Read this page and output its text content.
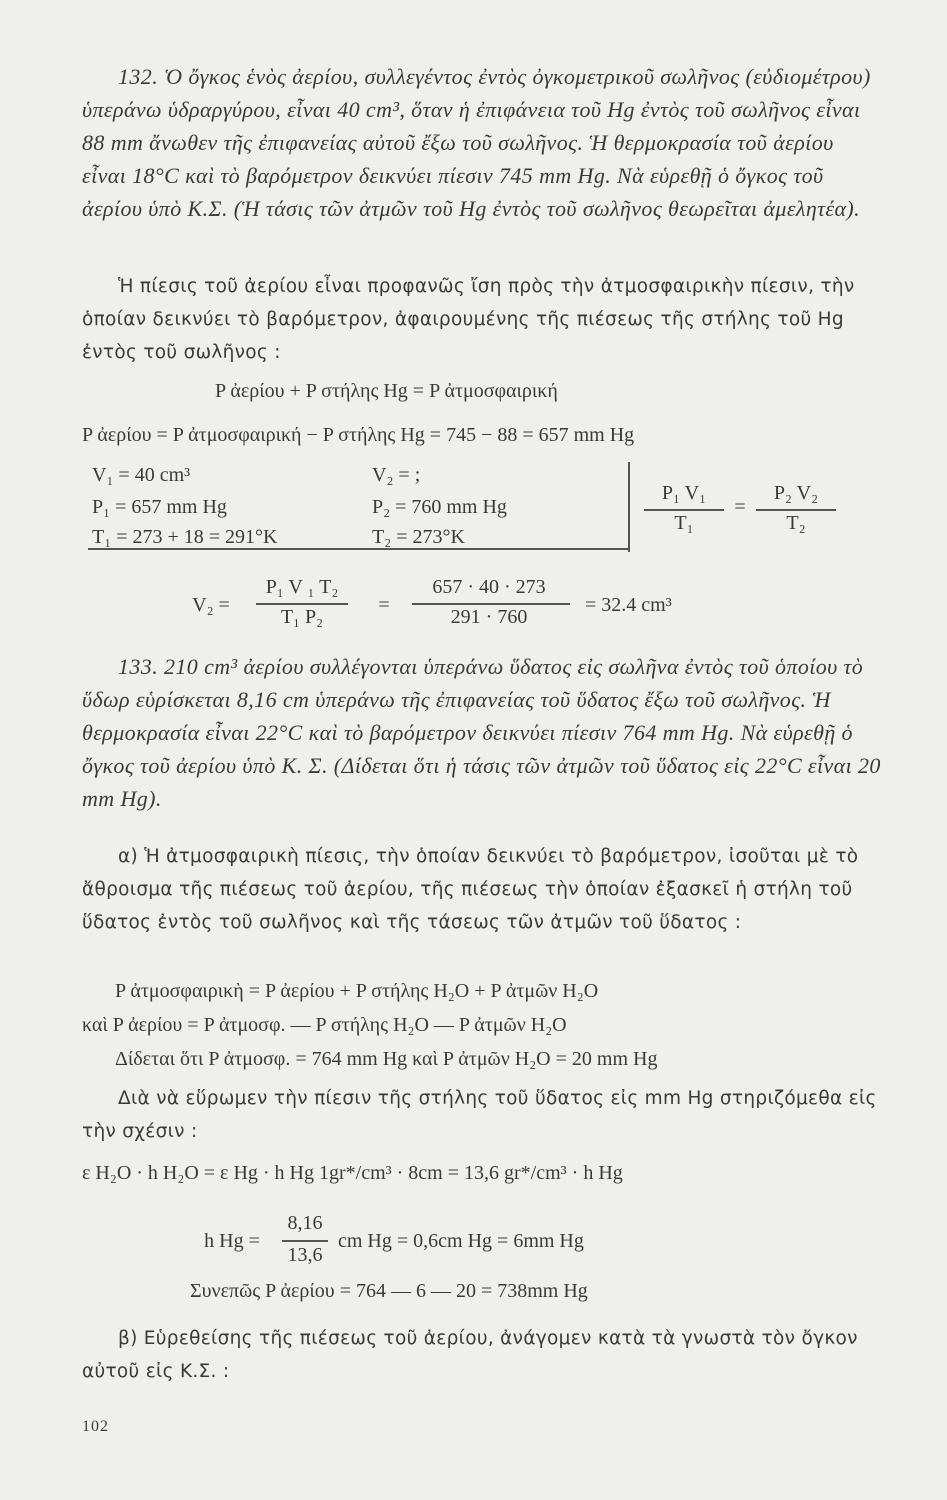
132. Ὁ ὄγκος ἑνὸς ἀερίου, συλλεγέντος ἐντὸς ὀγκομετρικοῦ σωλῆνος (εὐδιομέτρου) ὑπεράνω ὑδραργύρου, εἶναι 40 cm³, ὅταν ἡ ἐπιφάνεια τοῦ Hg ἐντὸς τοῦ σωλῆνος εἶναι 88 mm ἄνωθεν τῆς ἐπιφανείας αὐτοῦ ἔξω τοῦ σωλῆνος. Ἡ θερμοκρασία τοῦ ἀερίου εἶναι 18°C καὶ τὸ βαρόμετρον δεικνύει πίεσιν 745 mm Hg. Νὰ εὑρεθῇ ὁ ὄγκος τοῦ ἀερίου ὑπὸ Κ.Σ. (Ἡ τάσις τῶν ἀτμῶν τοῦ Hg ἐντὸς τοῦ σωλῆνος θεωρεῖται ἀμελητέα).
Ἡ πίεσις τοῦ ἀερίου εἶναι προφανῶς ἴση πρὸς τὴν ἀτμοσφαιρικὴν πίεσιν, τὴν ὁποίαν δεικνύει τὸ βαρόμετρον, ἀφαιρουμένης τῆς πιέσεως τῆς στήλης τοῦ Hg ἐντὸς τοῦ σωλῆνος :
P ἀερίου + P στήλης Hg = P ἀτμοσφαιρική
P ἀερίου = P ἀτμοσφαιρική − P στήλης Hg = 745 − 88 = 657 mm Hg
V₁ = 40 cm³
P₁ = 657 mm Hg
T₁ = 273 + 18 = 291°K
V₂ = ;
P₂ = 760 mm Hg
T₂ = 273°K
P₁ V₁
T₁
=
P₂ V₂
T₂
V₂ =
P₁ V ₁ T₂
T₁ P₂
=
657 · 40 · 273
291 · 760
= 32.4 cm³
133. 210 cm³ ἀερίου συλλέγονται ὑπεράνω ὕδατος εἰς σωλῆνα ἐντὸς τοῦ ὁποίου τὸ ὕδωρ εὑρίσκεται 8,16 cm ὑπεράνω τῆς ἐπιφανείας τοῦ ὕδατος ἔξω τοῦ σωλῆνος. Ἡ θερμοκρασία εἶναι 22°C καὶ τὸ βαρόμετρον δεικνύει πίεσιν 764 mm Hg. Νὰ εὑρεθῇ ὁ ὄγκος τοῦ ἀερίου ὑπὸ Κ. Σ. (Δίδεται ὅτι ἡ τάσις τῶν ἀτμῶν τοῦ ὕδατος εἰς 22°C εἶναι 20 mm Hg).
α) Ἡ ἀτμοσφαιρικὴ πίεσις, τὴν ὁποίαν δεικνύει τὸ βαρόμετρον, ἰσοῦται μὲ τὸ ἄθροισμα τῆς πιέσεως τοῦ ἀερίου, τῆς πιέσεως τὴν ὁποίαν ἐξασκεῖ ἡ στήλη τοῦ ὕδατος ἐντὸς τοῦ σωλῆνος καὶ τῆς τάσεως τῶν ἀτμῶν τοῦ ὕδατος :
P ἀτμοσφαιρικὴ = P ἀερίου + P στήλης H₂O + P ἀτμῶν H₂O
καὶ P ἀερίου = P ἀτμοσφ. — P στήλης H₂O — P ἀτμῶν H₂O
Δίδεται ὅτι P ἀτμοσφ. = 764 mm Hg καὶ P ἀτμῶν H₂O = 20 mm Hg
Διὰ νὰ εὕρωμεν τὴν πίεσιν τῆς στήλης τοῦ ὕδατος εἰς mm Hg στηριζόμεθα εἰς τὴν σχέσιν :
ε H₂O · h H₂O = ε Hg · h Hg 1gr*/cm³ · 8cm = 13,6 gr*/cm³ · h Hg
h Hg =
8,16
13,6
cm Hg = 0,6cm Hg = 6mm Hg
Συνεπῶς P ἀερίου = 764 — 6 — 20 = 738mm Hg
β) Εὑρεθείσης τῆς πιέσεως τοῦ ἀερίου, ἀνάγομεν κατὰ τὰ γνωστὰ τὸν ὄγκον αὐτοῦ εἰς Κ.Σ. :
102
